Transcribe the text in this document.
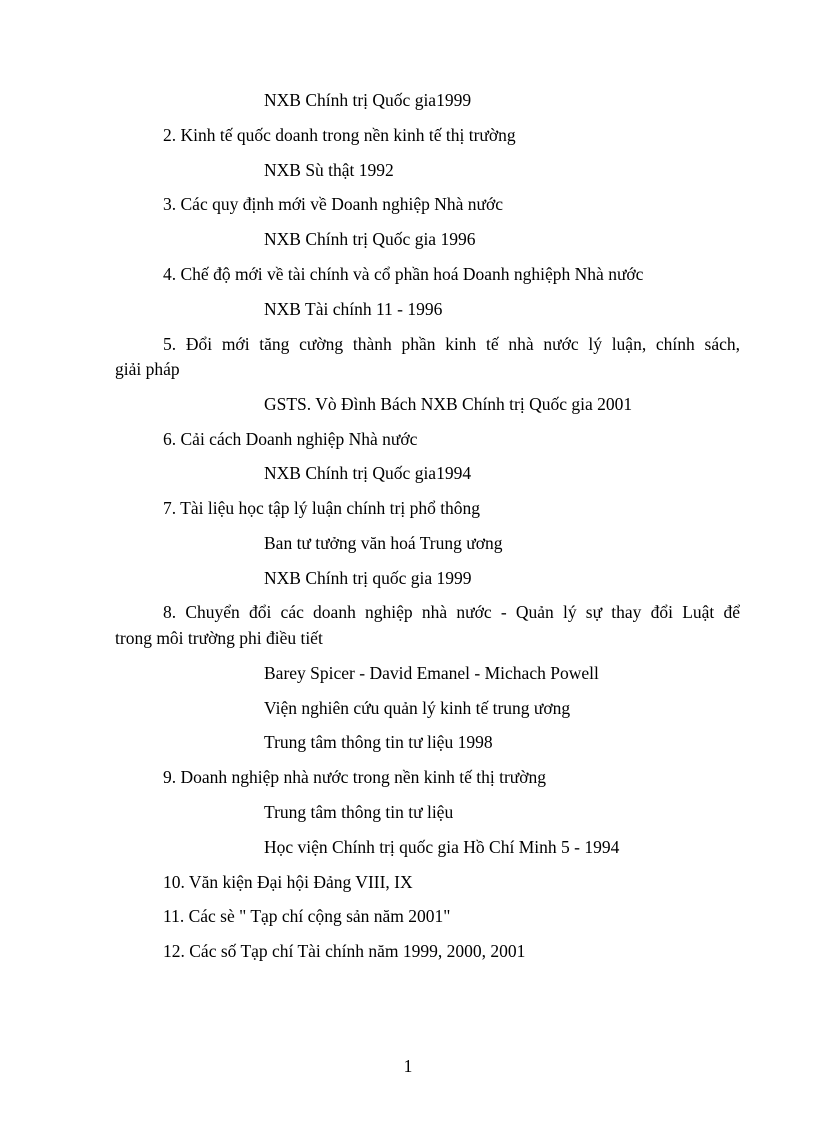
NXB Chính trị Quốc gia1999
2. Kinh tế quốc doanh trong nền kinh tế thị trường
NXB Sù thật 1992
3. Các quy định mới về Doanh nghiệp Nhà nước
NXB Chính trị Quốc gia 1996
4. Chế độ mới về tài chính và cổ phần hoá Doanh nghiệph Nhà nước
NXB Tài chính 11 - 1996
5. Đổi mới tăng cường thành phần kinh tế nhà nước lý luận, chính sách,
giải pháp
GSTS. Vò Đình Bách NXB Chính trị Quốc gia 2001
6. Cải cách Doanh nghiệp Nhà nước
NXB Chính trị Quốc gia1994
7. Tài liệu học tập lý luận chính trị phổ thông
Ban tư tưởng văn hoá Trung ương
NXB Chính trị quốc gia 1999
8. Chuyển đổi các doanh nghiệp nhà nước - Quản lý sự thay đổi Luật để
trong môi trường phi điều tiết
Barey Spicer - David Emanel - Michach Powell
Viện nghiên cứu quản lý kinh tế trung ương
Trung tâm thông tin tư liệu 1998
9. Doanh nghiệp nhà nước trong nền kinh tế thị trường
Trung tâm thông tin tư liệu
Học viện Chính trị quốc gia Hồ Chí Minh 5 - 1994
10. Văn kiện Đại hội Đảng VIII, IX
11. Các sè " Tạp chí cộng sản năm 2001"
12. Các số Tạp chí Tài chính năm 1999, 2000, 2001
1
